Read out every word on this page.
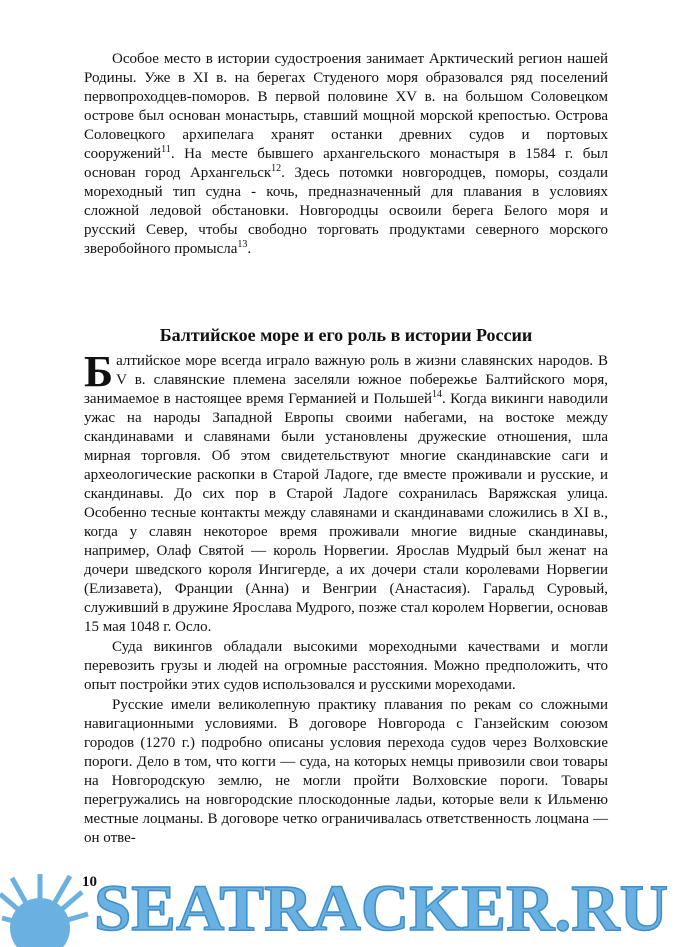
Особое место в истории судостроения занимает Арктический регион нашей Родины. Уже в XI в. на берегах Студеного моря образовался ряд поселений первопроходцев-поморов. В первой половине XV в. на большом Соловецком острове был основан монастырь, ставший мощной морской крепостью. Острова Соловецкого архипелага хранят останки древних судов и портовых сооружений$^{11}$. На месте бывшего архангельского монастыря в 1584 г. был основан город Архангельск$^{12}$. Здесь потомки новгородцев, поморы, создали мореходный тип судна - кочь, предназначенный для плавания в условиях сложной ледовой обстановки. Новгородцы освоили берега Белого моря и русский Север, чтобы свободно торговать продуктами северного морского зверобойного промысла$^{13}$.

Балтийское море и его роль в истории России

Балтийское море всегда играло важную роль в жизни славянских народов. В V в. славянские племена заселяли южное побережье Балтийского моря, занимаемое в настоящее время Германией и Польшей$^{14}$. Когда викинги наводили ужас на народы Западной Европы своими набегами, на востоке между скандинавами и славянами были установлены дружеские отношения, шла мирная торговля. Об этом свидетельствуют многие скандинавские саги и археологические раскопки в Старой Ладоге, где вместе проживали и русские, и скандинавы. До сих пор в Старой Ладоге сохранилась Варяжская улица. Особенно тесные контакты между славянами и скандинавами сложились в XI в., когда у славян некоторое время проживали многие видные скандинавы, например, Олаф Святой — король Норвегии. Ярослав Мудрый был женат на дочери шведского короля Ингигерде, а их дочери стали королевами Норвегии (Елизавета), Франции (Анна) и Венгрии (Анастасия). Гаральд Суровый, служивший в дружине Ярослава Мудрого, позже стал королем Норвегии, основав 15 мая 1048 г. Осло.

Суда викингов обладали высокими мореходными качествами и могли перевозить грузы и людей на огромные расстояния. Можно предположить, что опыт постройки этих судов использовался и русскими мореходами.

Русские имели великолепную практику плавания по рекам со сложными навигационными условиями. В договоре Новгорода с Ганзейским союзом городов (1270 г.) подробно описаны условия перехода судов через Волховские пороги. Дело в том, что когги — суда, на которых немцы привозили свои товары на Новгородскую землю, не могли пройти Волховские пороги. Товары перегружались на новгородские плоскодонные ладьи, которые вели к Ильменю местные лоцманы. В договоре четко ограничивалась ответственность лоцмана — он отве-

SEATRACKER.RU
10
